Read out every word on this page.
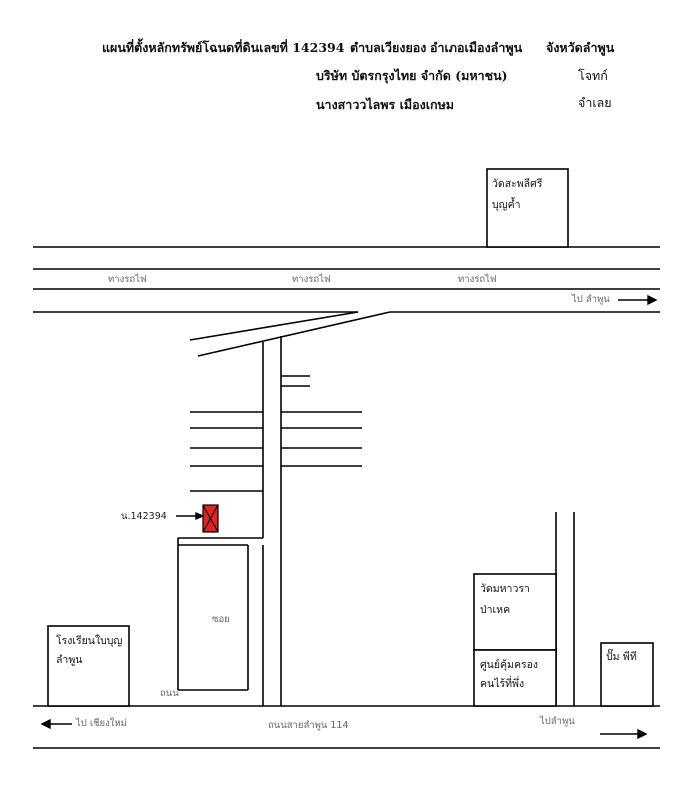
แผนที่ตั้งหลักทรัพย์โฉนดที่ดินเลขที่ 142394 ตำบลเวียงยอง อำเภอเมืองลำพูน จังหวัดลำพูน
บริษัท บัตรกรุงไทย จำกัด (มหาชน)	โจทก์
นางสาววไลพร เมืองเกษม	จำเลย
วัดสะพลีศรี
บุญค้ำ
โรงเรียนใบบุญ
ลำพูน
วัดมหาวรา
ป่าเหค
ศูนย์คุ้มครอง
คนไร้ที่พึ่ง
ปั๊ม พีที
ทางรถไฟ	ทางรถไฟ	ทางรถไฟ
ไป ลำพูน
ไป เชียงใหม่	ถนนสายลำพูน 114	ไปลำพูน
ซอย
ถนน
น.142394
